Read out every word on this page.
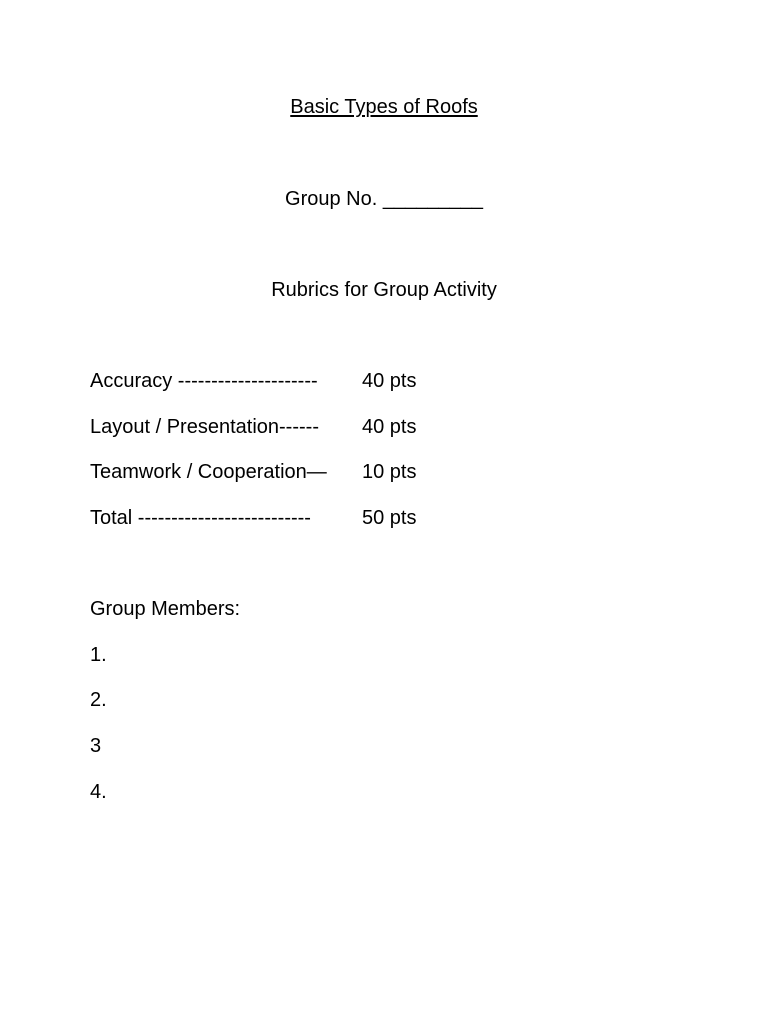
Basic Types of Roofs
Group No. _________
Rubrics for Group Activity
Accuracy --------------------- 40 pts
Layout / Presentation------ 40 pts
Teamwork / Cooperation— 10 pts
Total --------------------------	50 pts
Group Members:
1.
2.
3
4.
